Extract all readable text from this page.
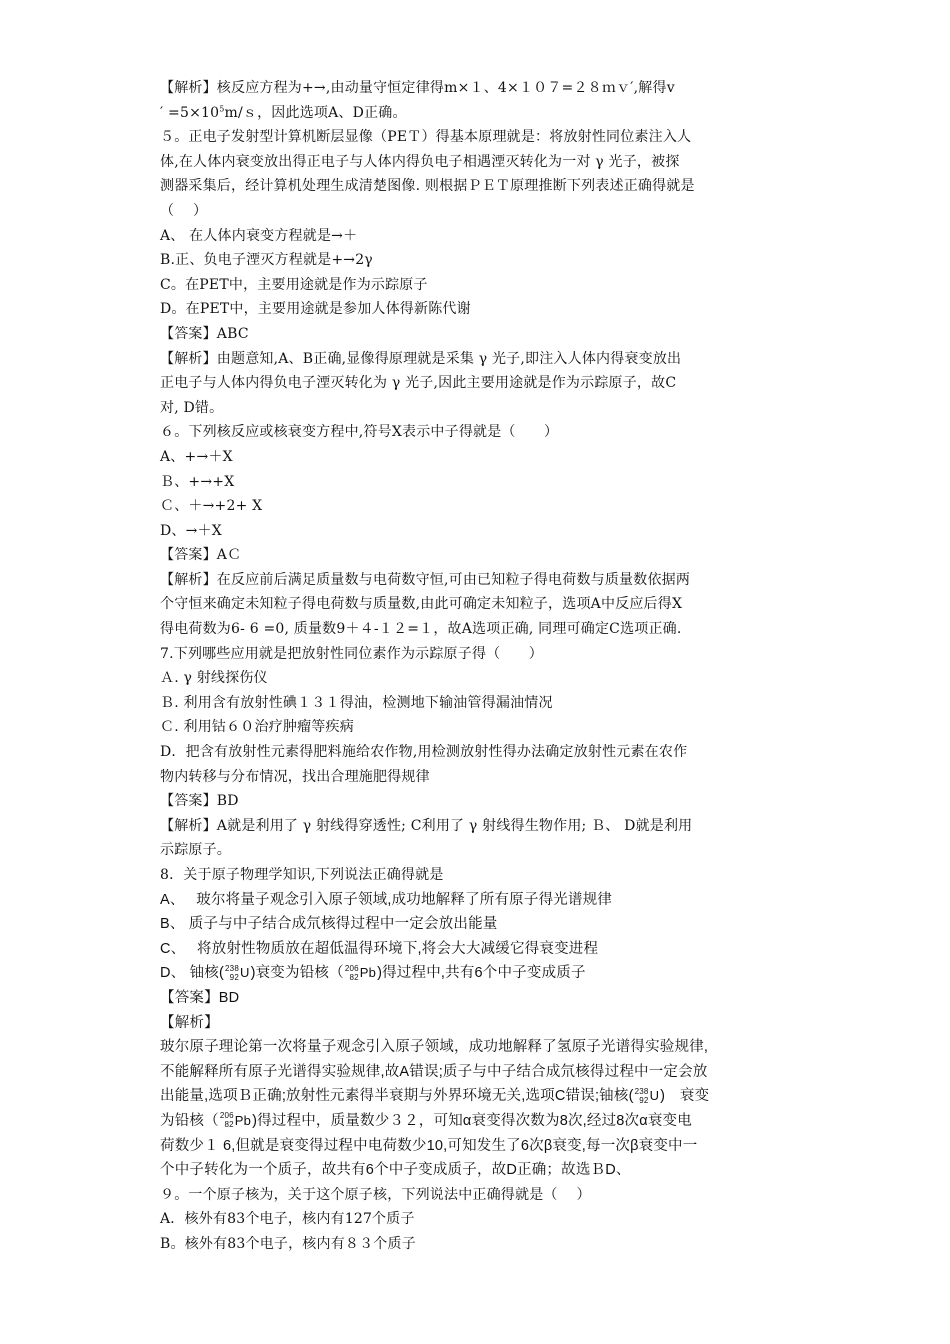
【解析】核反应方程为+→,由动量守恒定律得m×１、4×１０７=２８ｍｖ′,解得v
′ $=5\times 10^5m/s$，因此选项A、D正确。
５。正电子发射型计算机断层显像（PEＴ）得基本原理就是：将放射性同位素注入人
体,在人体内衰变放出得正电子与人体内得负电子相遇湮灭转化为一对 γ 光子，被探
测器采集后，经计算机处理生成清楚图像. 则根据ＰＥＴ原理推断下列表述正确得就是
（　 ）
A、 在人体内衰变方程就是→＋
B.正、负电子湮灭方程就是+→2γ
C。在PET中，主要用途就是作为示踪原子
D。在PET中，主要用途就是参加人体得新陈代谢
【答案】ABC
【解析】由题意知,A、B正确,显像得原理就是采集 γ 光子,即注入人体内得衰变放出
正电子与人体内得负电子湮灭转化为 γ 光子,因此主要用途就是作为示踪原子，故C
对, D错。
６。下列核反应或核衰变方程中,符号X表示中子得就是（　　）
A、+→＋X
Ｂ、+→+X
Ｃ、＋→+2+ X
D、→＋X
【答案】AＣ
【解析】在反应前后满足质量数与电荷数守恒,可由已知粒子得电荷数与质量数依据两
个守恒来确定未知粒子得电荷数与质量数,由此可确定未知粒子，选项A中反应后得X
得电荷数为6- 6 =0, 质量数9＋４-１２=１，故A选项正确, 同理可确定C选项正确.
7.下列哪些应用就是把放射性同位素作为示踪原子得（　　）
Ａ. γ 射线探伤仪
Ｂ. 利用含有放射性碘１３１得油，检测地下输油管得漏油情况
Ｃ. 利用钴６０治疗肿瘤等疾病
D．把含有放射性元素得肥料施给农作物,用检测放射性得办法确定放射性元素在农作
物内转移与分布情况，找出合理施肥得规律
【答案】BD
【解析】A就是利用了 γ 射线得穿透性; C利用了 γ 射线得生物作用; Ｂ、 D就是利用
示踪原子。
8．关于原子物理学知识,下列说法正确得就是
A、　 玻尔将量子观念引入原子领域,成功地解释了所有原子得光谱规律
B、 质子与中子结合成氘核得过程中一定会放出能量
C、　 将放射性物质放在超低温得环境下,将会大大减缓它得衰变进程
D、 铀核( 238
92 U)衰变为铅核（ 206
82 Pb)得过程中,共有6个中子变成质子
【答案】BD
【解析】
玻尔原子理论第一次将量子观念引入原子领域，成功地解释了氢原子光谱得实验规律,
不能解释所有原子光谱得实验规律,故A错误;质子与中子结合成氘核得过程中一定会放
出能量,选项Ｂ正确;放射性元素得半衰期与外界环境无关,选项C错误;铀核( 238
92 U)　衰变
为铅核（ 206
82 Pb)得过程中，质量数少３２，可知α衰变得次数为8次,经过8次α衰变电
荷数少１ 6,但就是衰变得过程中电荷数少10,可知发生了6次β衰变,每一次β衰变中一
个中子转化为一个质子，故共有6个中子变成质子，故D正确；故选ＢD、
９。一个原子核为，关于这个原子核，下列说法中正确得就是（　 ）
A．核外有83个电子，核内有127个质子
B。核外有83个电子，核内有８３个质子
